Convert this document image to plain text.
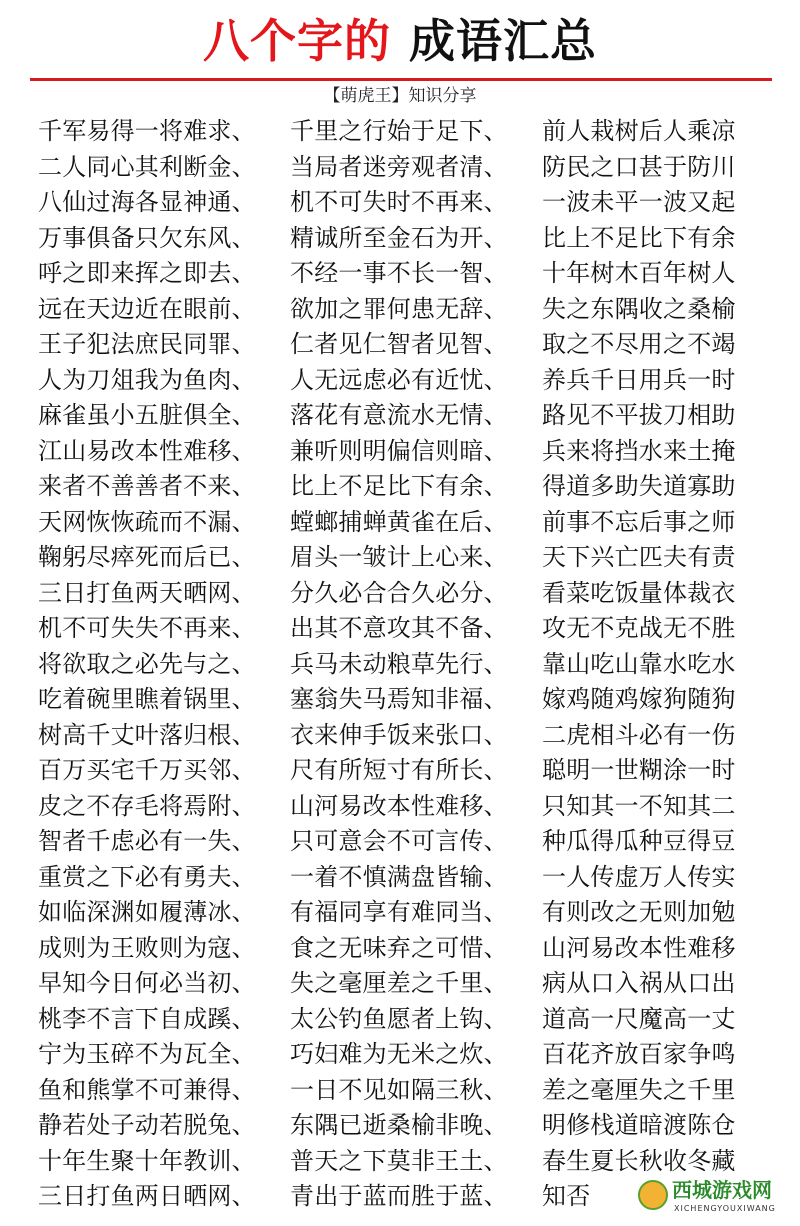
八个字的 成语汇总
【萌虎王】知识分享
千军易得一将难求、 千里之行始于足下、 前人栽树后人乘凉
二人同心其利断金、 当局者迷旁观者清、 防民之口甚于防川
八仙过海各显神通、 机不可失时不再来、 一波未平一波又起
万事俱备只欠东风、 精诚所至金石为开、 比上不足比下有余
呼之即来挥之即去、 不经一事不长一智、 十年树木百年树人
远在天边近在眼前、 欲加之罪何患无辞、 失之东隅收之桑榆
王子犯法庶民同罪、 仁者见仁智者见智、 取之不尽用之不竭
人为刀俎我为鱼肉、 人无远虑必有近忧、 养兵千日用兵一时
麻雀虽小五脏俱全、 落花有意流水无情、 路见不平拔刀相助
江山易改本性难移、 兼听则明偏信则暗、 兵来将挡水来土掩
来者不善善者不来、 比上不足比下有余、 得道多助失道寡助
天网恢恢疏而不漏、 螳螂捕蝉黄雀在后、 前事不忘后事之师
鞠躬尽瘁死而后已、 眉头一皱计上心来、 天下兴亡匹夫有责
三日打鱼两天晒网、 分久必合合久必分、 看菜吃饭量体裁衣
机不可失失不再来、 出其不意攻其不备、 攻无不克战无不胜
将欲取之必先与之、 兵马未动粮草先行、 靠山吃山靠水吃水
吃着碗里瞧着锅里、 塞翁失马焉知非福、 嫁鸡随鸡嫁狗随狗
树高千丈叶落归根、 衣来伸手饭来张口、 二虎相斗必有一伤
百万买宅千万买邻、 尺有所短寸有所长、 聪明一世糊涂一时
皮之不存毛将焉附、 山河易改本性难移、 只知其一不知其二
智者千虑必有一失、 只可意会不可言传、 种瓜得瓜种豆得豆
重赏之下必有勇夫、 一着不慎满盘皆输、 一人传虚万人传实
如临深渊如履薄冰、 有福同享有难同当、 有则改之无则加勉
成则为王败则为寇、 食之无味弃之可惜、 山河易改本性难移
早知今日何必当初、 失之毫厘差之千里、 病从口入祸从口出
桃李不言下自成蹊、 太公钓鱼愿者上钩、 道高一尺魔高一丈
宁为玉碎不为瓦全、 巧妇难为无米之炊、 百花齐放百家争鸣
鱼和熊掌不可兼得、 一日不见如隔三秋、 差之毫厘失之千里
静若处子动若脱兔、 东隅已逝桑榆非晚、 明修栈道暗渡陈仓
十年生聚十年教训、 普天之下莫非王土、 春生夏长秋收冬藏
三日打鱼两日晒网、 青出于蓝而胜于蓝、 知否	西城游戏网
XICHENGYOUXIWANG
